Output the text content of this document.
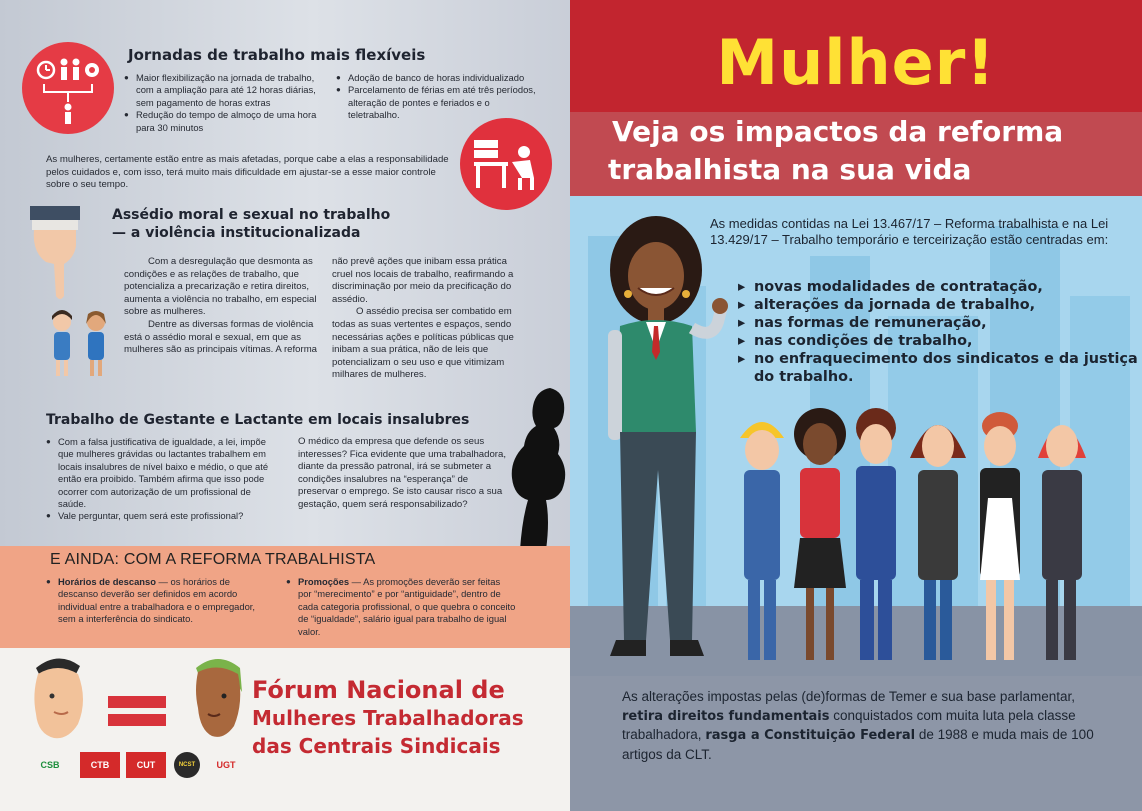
Jornadas de trabalho mais flexíveis
● Maior flexibilização na jornada de trabalho, com a ampliação para até 12 horas diárias, sem pagamento de horas extras
● Redução do tempo de almoço de uma hora para 30 minutos
● Adoção de banco de horas individualizado
● Parcelamento de férias em até três períodos, alteração de pontes e feriados e o teletrabalho.
As mulheres, certamente estão entre as mais afetadas, porque cabe a elas a responsabilidade pelos cuidados e, com isso, terá muito mais dificuldade em ajustar-se a esse maior controle sobre o seu tempo.
Assédio moral e sexual no trabalho
— a violência institucionalizada
Com a desregulação que desmonta as condições e as relações de trabalho, que potencializa a precarização e retira direitos, aumenta a violência no trabalho, em especial sobre as mulheres.
Dentre as diversas formas de violência está o assédio moral e sexual, em que as mulheres são as principais vítimas. A reforma
não prevê ações que inibam essa prática cruel nos locais de trabalho, reafirmando a discriminação por meio da precificação do assédio.
O assédio precisa ser combatido em todas as suas vertentes e espaços, sendo necessárias ações e políticas públicas que inibam a sua prática, não de leis que potencializam o seu uso e que vitimizam milhares de mulheres.
Trabalho de Gestante e Lactante em locais insalubres
● Com a falsa justificativa de igualdade, a lei, impõe que mulheres grávidas ou lactantes trabalhem em locais insalubres de nível baixo e médio, o que até então era proibido. Também afirma que isso pode ocorrer com autorização de um profissional de saúde.
● Vale perguntar, quem será este profissional?
O médico da empresa que defende os seus interesses? Fica evidente que uma trabalhadora, diante da pressão patronal, irá se submeter a condições insalubres na “esperança” de preservar o emprego. Se isto causar risco a sua gestação, quem será responsabilizado?
E AINDA: COM A REFORMA TRABALHISTA
● Horários de descanso — os horários de descanso deverão ser definidos em acordo individual entre a trabalhadora e o empregador, sem a interferência do sindicato.
● Promoções — As promoções deverão ser feitas por “merecimento” e por “antiguidade”, dentro de cada categoria profissional, o que quebra o conceito de “igualdade”, salário igual para trabalho de igual valor.
Fórum Nacional de
Mulheres Trabalhadoras
das Centrais Sindicais
CSB	CTB	CUT	NCST	UGT
Mulher!
Veja os impactos da reforma
trabalhista na sua vida
As medidas contidas na Lei 13.467/17 – Reforma trabalhista e na Lei 13.429/17 – Trabalho temporário e terceirização estão centradas em:
▸ novas modalidades de contratação,
▸ alterações da jornada de trabalho,
▸ nas formas de remuneração,
▸ nas condições de trabalho,
▸ no enfraquecimento dos sindicatos e da justiça do trabalho.
As alterações impostas pelas (de)formas de Temer e sua base parlamentar, retira direitos fundamentais conquistados com muita luta pela classe trabalhadora, rasga a Constituição Federal de 1988 e muda mais de 100 artigos da CLT.
